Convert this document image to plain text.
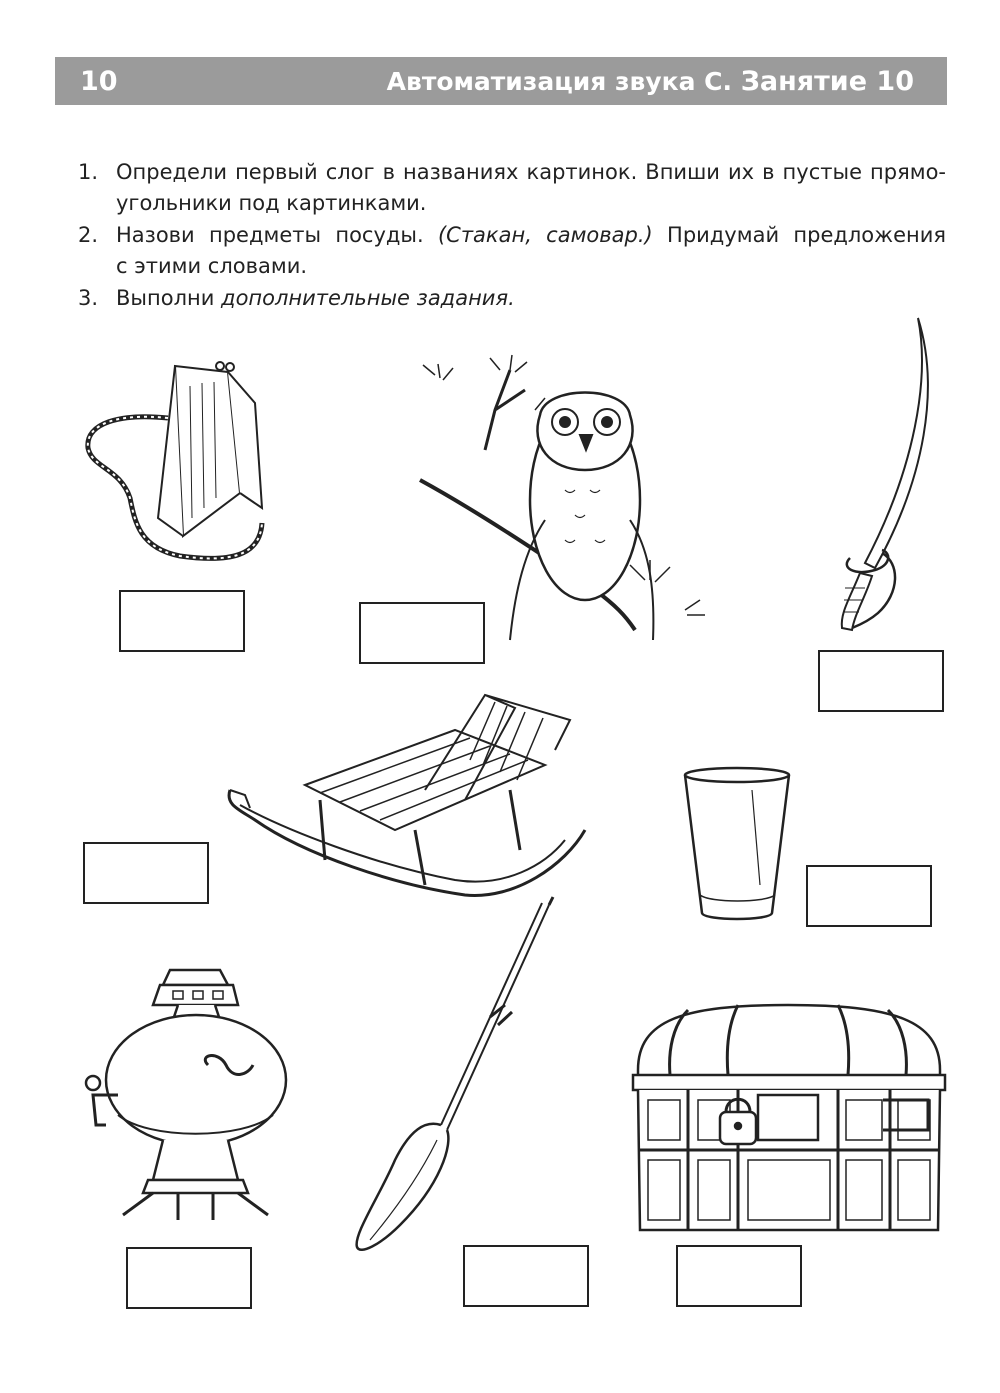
10	Автоматизация звука С. Занятие 10
1. Определи первый слог в названиях картинок. Впиши их в пустые прямо-
угольники под картинками.
2. Назови предметы посуды. (Стакан, самовар.) Придумай предложения
с этими словами.
3. Выполни дополнительные задания.
